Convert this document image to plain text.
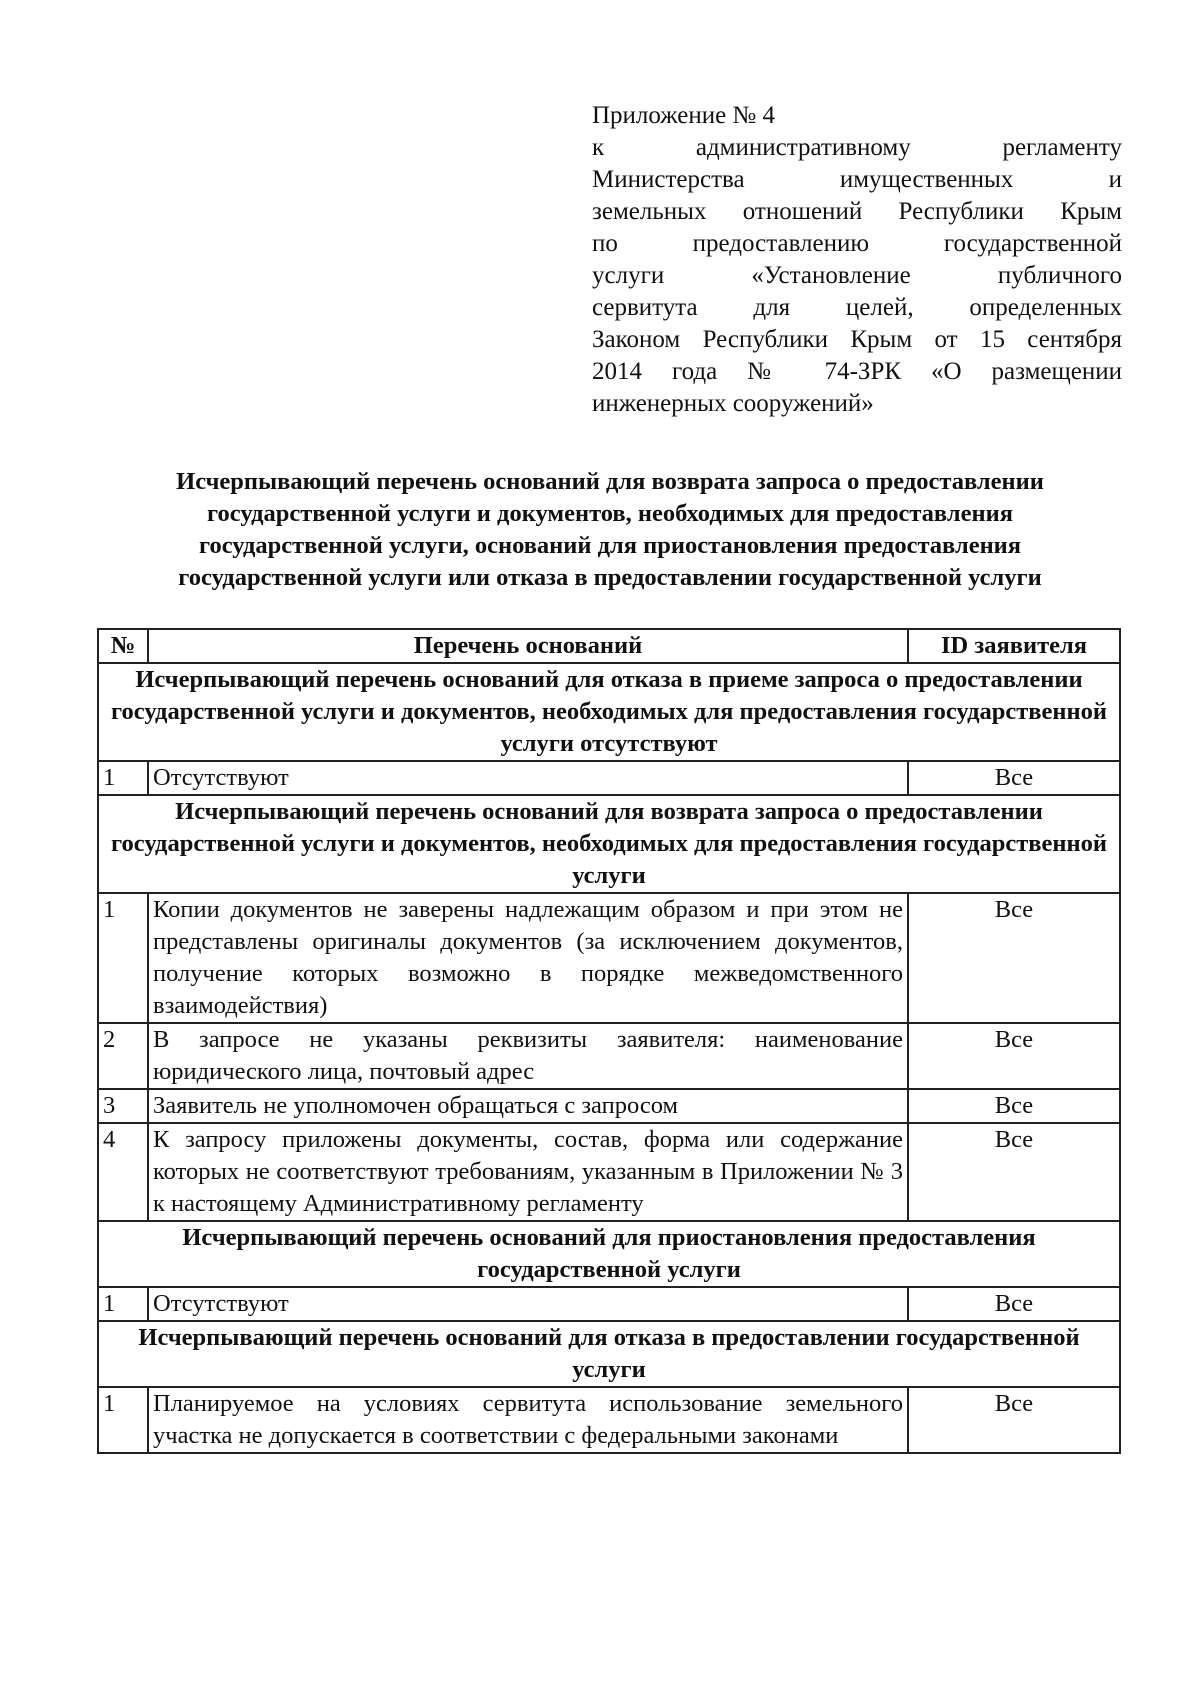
Приложение № 4
к административному регламенту
Министерства имущественных и
земельных отношений Республики Крым
по предоставлению государственной
услуги «Установление публичного
сервитута для целей, определенных
Законом Республики Крым от 15 сентября
2014 года № 74-ЗРК «О размещении
инженерных сооружений»
Исчерпывающий перечень оснований для возврата запроса о предоставлении
государственной услуги и документов, необходимых для предоставления
государственной услуги, оснований для приостановления предоставления
государственной услуги или отказа в предоставлении государственной услуги
№	Перечень оснований	ID заявителя
Исчерпывающий перечень оснований для отказа в приеме запроса о предоставлении государственной услуги и документов, необходимых для предоставления государственной услуги отсутствуют		
1	Отсутствуют	Все
Исчерпывающий перечень оснований для возврата запроса о предоставлении государственной услуги и документов, необходимых для предоставления государственной услуги		
1	Копии документов не заверены надлежащим образом и при этом не представлены оригиналы документов (за исключением документов, получение которых возможно в порядке межведомственного взаимодействия)	Все
2	В запросе не указаны реквизиты заявителя: наименование юридического лица, почтовый адрес	Все
3	Заявитель не уполномочен обращаться с запросом	Все
4	К запросу приложены документы, состав, форма или содержание которых не соответствуют требованиям, указанным в Приложении № 3 к настоящему Административному регламенту	Все
Исчерпывающий перечень оснований для приостановления предоставления государственной услуги		
1	Отсутствуют	Все
Исчерпывающий перечень оснований для отказа в предоставлении государственной услуги		
1	Планируемое на условиях сервитута использование земельного участка не допускается в соответствии с федеральными законами	Все
